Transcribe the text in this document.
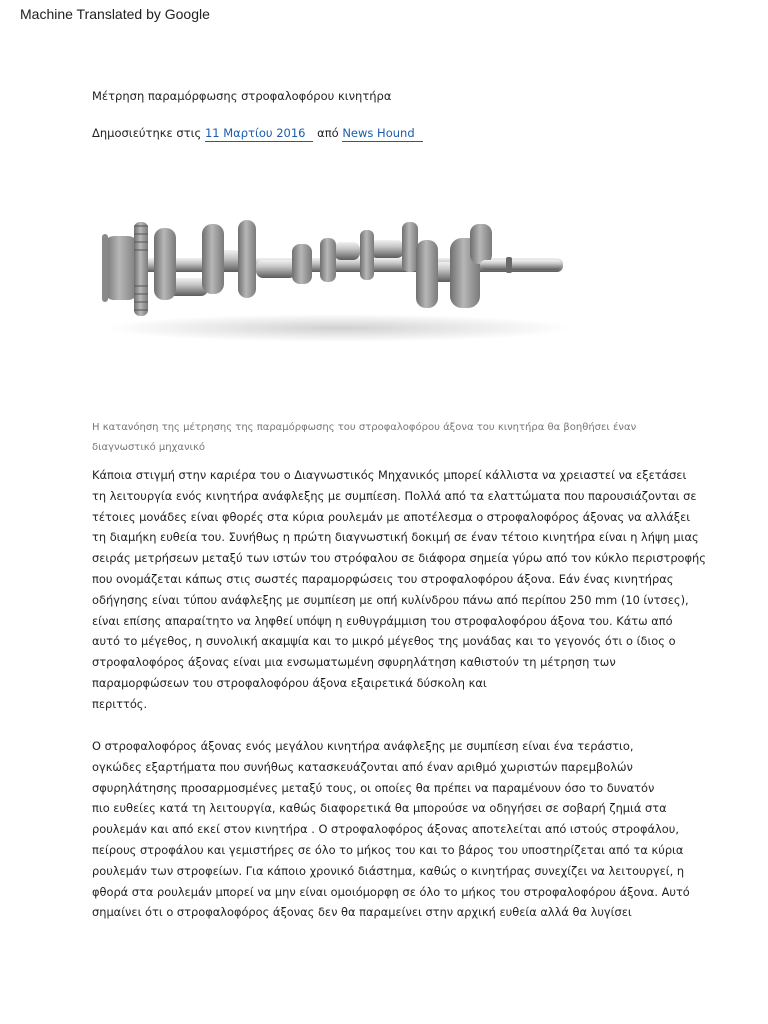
Machine Translated by Google
Μέτρηση παραμόρφωσης στροφαλοφόρου κινητήρα
Δημοσιεύτηκε στις 11 Μαρτίου 2016 από News Hound
Η κατανόηση της μέτρησης της παραμόρφωσης του στροφαλοφόρου άξονα του κινητήρα θα βοηθήσει έναν
διαγνωστικό μηχανικό
Κάποια στιγμή στην καριέρα του ο Διαγνωστικός Μηχανικός μπορεί κάλλιστα να χρειαστεί να εξετάσει
τη λειτουργία ενός κινητήρα ανάφλεξης με συμπίεση. Πολλά από τα ελαττώματα που παρουσιάζονται σε
τέτοιες μονάδες είναι φθορές στα κύρια ρουλεμάν με αποτέλεσμα ο στροφαλοφόρος άξονας να αλλάξει
τη διαμήκη ευθεία του. Συνήθως η πρώτη διαγνωστική δοκιμή σε έναν τέτοιο κινητήρα είναι η λήψη μιας
σειράς μετρήσεων μεταξύ των ιστών του στρόφαλου σε διάφορα σημεία γύρω από τον κύκλο περιστροφής
που ονομάζεται κάπως στις σωστές παραμορφώσεις του στροφαλοφόρου άξονα. Εάν ένας κινητήρας
οδήγησης είναι τύπου ανάφλεξης με συμπίεση με οπή κυλίνδρου πάνω από περίπου 250 mm (10 ίντσες),
είναι επίσης απαραίτητο να ληφθεί υπόψη η ευθυγράμμιση του στροφαλοφόρου άξονα του. Κάτω από
αυτό το μέγεθος, η συνολική ακαμψία και το μικρό μέγεθος της μονάδας και το γεγονός ότι ο ίδιος ο
στροφαλοφόρος άξονας είναι μια ενσωματωμένη σφυρηλάτηση καθιστούν τη μέτρηση των
παραμορφώσεων του στροφαλοφόρου άξονα εξαιρετικά δύσκολη και
περιττός.
Ο στροφαλοφόρος άξονας ενός μεγάλου κινητήρα ανάφλεξης με συμπίεση είναι ένα τεράστιο,
ογκώδες εξαρτήματα που συνήθως κατασκευάζονται από έναν αριθμό χωριστών παρεμβολών
σφυρηλάτησης προσαρμοσμένες μεταξύ τους, οι οποίες θα πρέπει να παραμένουν όσο το δυνατόν
πιο ευθείες κατά τη λειτουργία, καθώς διαφορετικά θα μπορούσε να οδηγήσει σε σοβαρή ζημιά στα
ρουλεμάν και από εκεί στον κινητήρα . Ο στροφαλοφόρος άξονας αποτελείται από ιστούς στροφάλου,
πείρους στροφάλου και γεμιστήρες σε όλο το μήκος του και το βάρος του υποστηρίζεται από τα κύρια
ρουλεμάν των στροφείων. Για κάποιο χρονικό διάστημα, καθώς ο κινητήρας συνεχίζει να λειτουργεί, η
φθορά στα ρουλεμάν μπορεί να μην είναι ομοιόμορφη σε όλο το μήκος του στροφαλοφόρου άξονα. Αυτό
σημαίνει ότι ο στροφαλοφόρος άξονας δεν θα παραμείνει στην αρχική ευθεία αλλά θα λυγίσει
